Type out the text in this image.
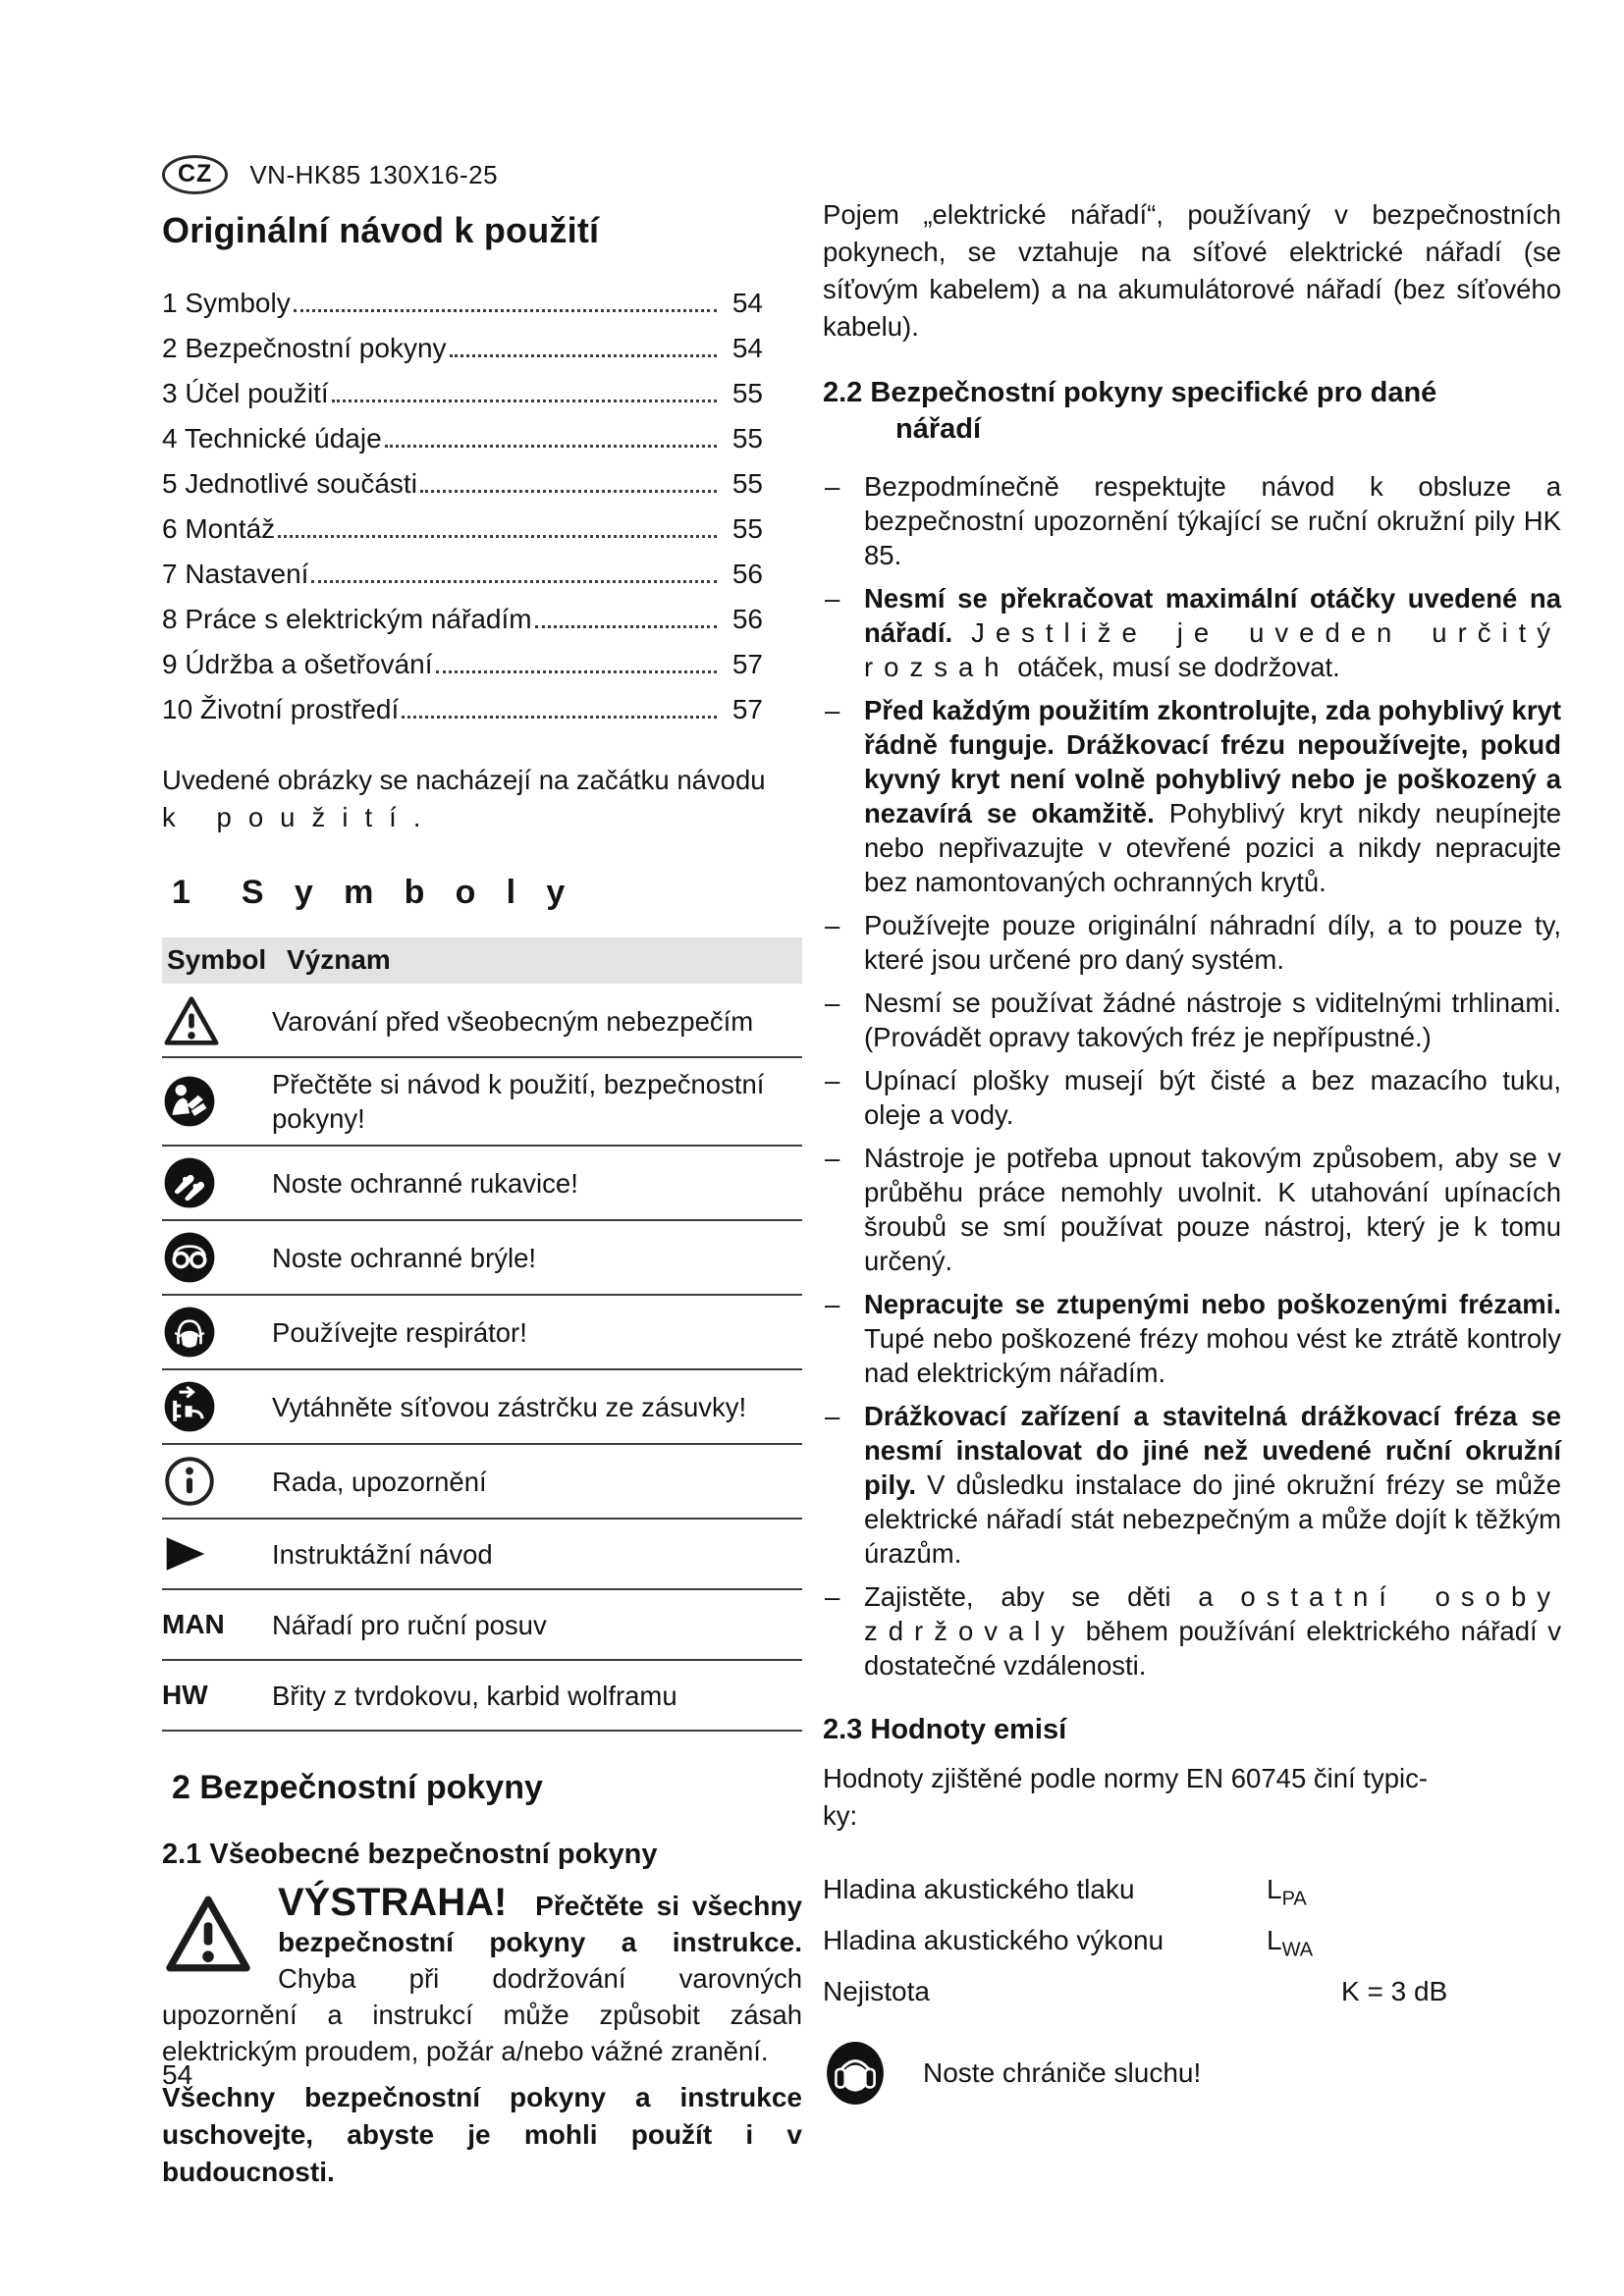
CZ	VN-HK85 130X16-25
Originální návod k použití
1 Symboly	54
2 Bezpečnostní pokyny	54
3 Účel použití	55
4 Technické údaje	55
5 Jednotlivé součásti	55
6 Montáž	55
7 Nastavení	56
8 Práce s elektrickým nářadím	56
9 Údržba a ošetřování	57
10 Životní prostředí	57

Uvedené obrázky se nacházejí na začátku návodu
k použití.

1 Symboly
Symbol Význam
Varování před všeobecným nebezpečím
Přečtěte si návod k použití, bezpečnostní pokyny!
Noste ochranné rukavice!
Noste ochranné brýle!
Používejte respirátor!
Vytáhněte síťovou zástrčku ze zásuvky!
Rada, upozornění
Instruktážní návod
MAN Nářadí pro ruční posuv
HW Břity z tvrdokovu, karbid wolframu
2 Bezpečnostní pokyny
2.1 Všeobecné bezpečnostní pokyny
VÝSTRAHA! Přečtěte si všechny bezpečnostní pokyny a instrukce. Chyba při dodržování varovných upozornění a instrukcí může způsobit zásah elektrickým proudem, požár a/nebo vážné zranění.

Všechny bezpečnostní pokyny a instrukce uschovejte, abyste je mohli použít i v budoucnosti.

Pojem „elektrické nářadí“, používaný v bezpečnostních pokynech, se vztahuje na síťové elektrické nářadí (se síťovým kabelem) a na akumulátorové nářadí (bez síťového kabelu).

2.2 Bezpečnostní pokyny specifické pro dané
nářadí
– Bezpodmínečně respektujte návod k obsluze a bezpečnostní upozornění týkající se ruční okružní pily HK 85.
– Nesmí se překračovat maximální otáčky uvedené na nářadí. Jestliže je uveden určitý rozsah otáček, musí se dodržovat.
– Před každým použitím zkontrolujte, zda pohyblivý kryt řádně funguje. Drážkovací frézu nepoužívejte, pokud kyvný kryt není volně pohyblivý nebo je poškozený a nezavírá se okamžitě. Pohyblivý kryt nikdy neupínejte nebo nepřivazujte v otevřené pozici a nikdy nepracujte bez namontovaných ochranných krytů.
– Používejte pouze originální náhradní díly, a to pouze ty, které jsou určené pro daný systém.
– Nesmí se používat žádné nástroje s viditelnými trhlinami. (Provádět opravy takových fréz je nepřípustné.)
– Upínací plošky musejí být čisté a bez mazacího tuku, oleje a vody.
– Nástroje je potřeba upnout takovým způsobem, aby se v průběhu práce nemohly uvolnit. K utahování upínacích šroubů se smí používat pouze nástroj, který je k tomu určený.
– Nepracujte se ztupenými nebo poškozenými frézami. Tupé nebo poškozené frézy mohou vést ke ztrátě kontroly nad elektrickým nářadím.
– Drážkovací zařízení a stavitelná drážkovací fréza se nesmí instalovat do jiné než uvedené ruční okružní pily. V důsledku instalace do jiné okružní frézy se může elektrické nářadí stát nebezpečným a může dojít k těžkým úrazům.
– Zajistěte, aby se děti a ostatní osoby zdržovaly během používání elektrického nářadí v dostatečné vzdálenosti.
2.3 Hodnoty emisí

Hodnoty zjištěné podle normy EN 60745 činí typic-
ky:

Hladina akustického tlaku	$L_{PA}$
Hladina akustického výkonu	$L_{WA}$
Nejistota	K = 3 dB
Noste chrániče sluchu!
54
